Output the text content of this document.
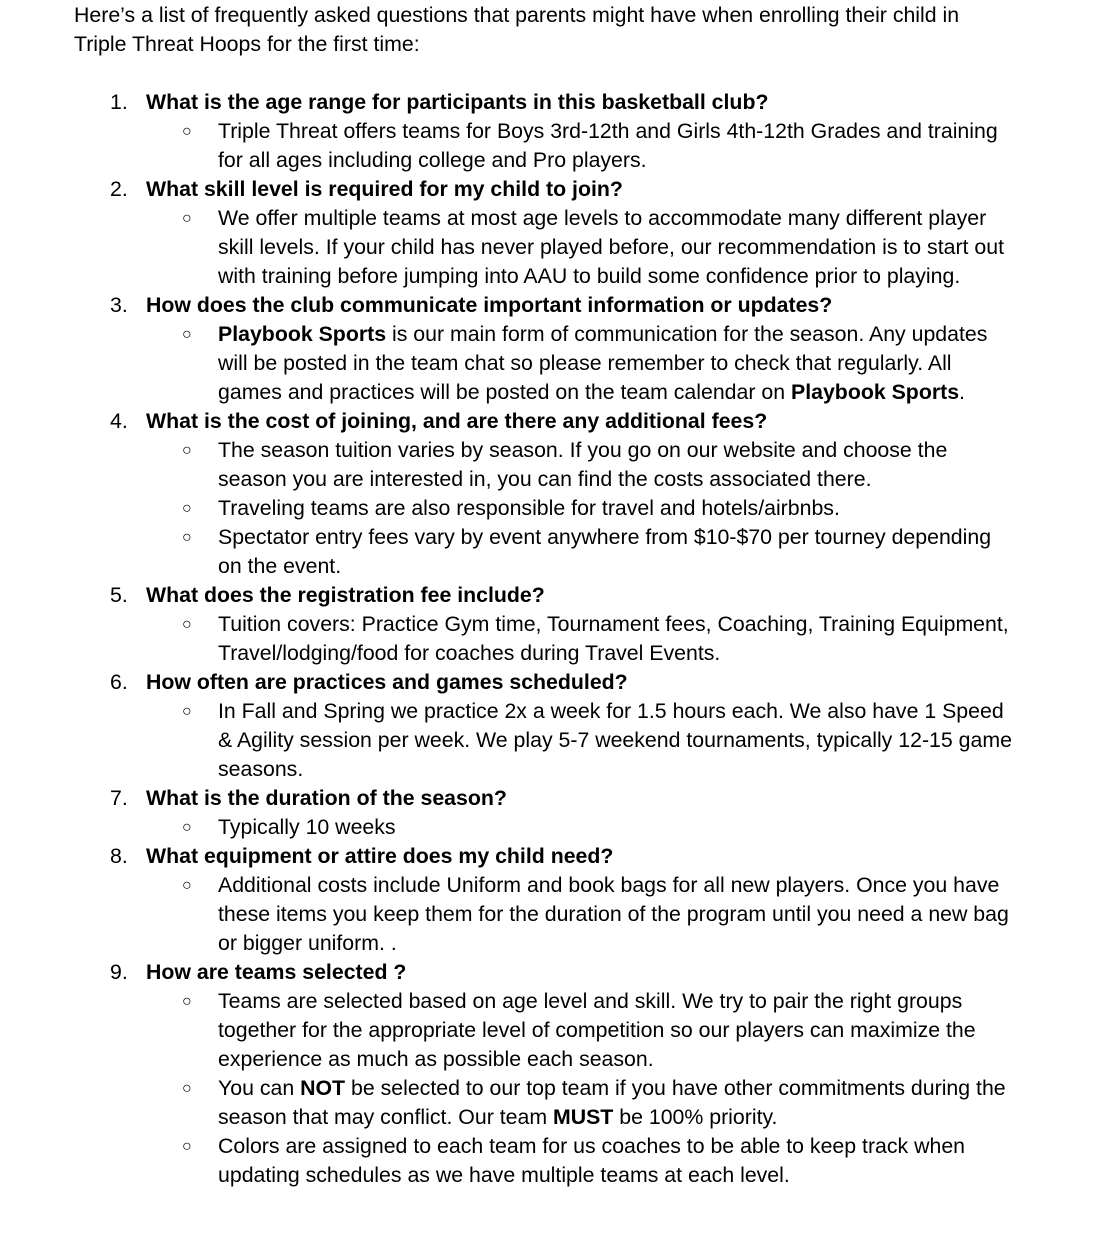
Here’s a list of frequently asked questions that parents might have when enrolling their child in Triple Threat Hoops for the first time:

1. What is the age range for participants in this basketball club?
○ Triple Threat offers teams for Boys 3rd-12th and Girls 4th-12th Grades and training for all ages including college and Pro players.
2. What skill level is required for my child to join?
○ We offer multiple teams at most age levels to accommodate many different player skill levels. If your child has never played before, our recommendation is to start out with training before jumping into AAU to build some confidence prior to playing.
3. How does the club communicate important information or updates?
○ Playbook Sports is our main form of communication for the season. Any updates will be posted in the team chat so please remember to check that regularly. All games and practices will be posted on the team calendar on Playbook Sports.
4. What is the cost of joining, and are there any additional fees?
○ The season tuition varies by season. If you go on our website and choose the season you are interested in, you can find the costs associated there.
○ Traveling teams are also responsible for travel and hotels/airbnbs.
○ Spectator entry fees vary by event anywhere from $10-$70 per tourney depending on the event.
5. What does the registration fee include?
○ Tuition covers: Practice Gym time, Tournament fees, Coaching, Training Equipment, Travel/lodging/food for coaches during Travel Events.
6. How often are practices and games scheduled?
○ In Fall and Spring we practice 2x a week for 1.5 hours each. We also have 1 Speed & Agility session per week. We play 5-7 weekend tournaments, typically 12-15 game seasons.
7. What is the duration of the season?
○ Typically 10 weeks
8. What equipment or attire does my child need?
○ Additional costs include Uniform and book bags for all new players. Once you have these items you keep them for the duration of the program until you need a new bag or bigger uniform. .
9. How are teams selected ?
○ Teams are selected based on age level and skill. We try to pair the right groups together for the appropriate level of competition so our players can maximize the experience as much as possible each season.
○ You can NOT be selected to our top team if you have other commitments during the season that may conflict. Our team MUST be 100% priority.
○ Colors are assigned to each team for us coaches to be able to keep track when updating schedules as we have multiple teams at each level.
